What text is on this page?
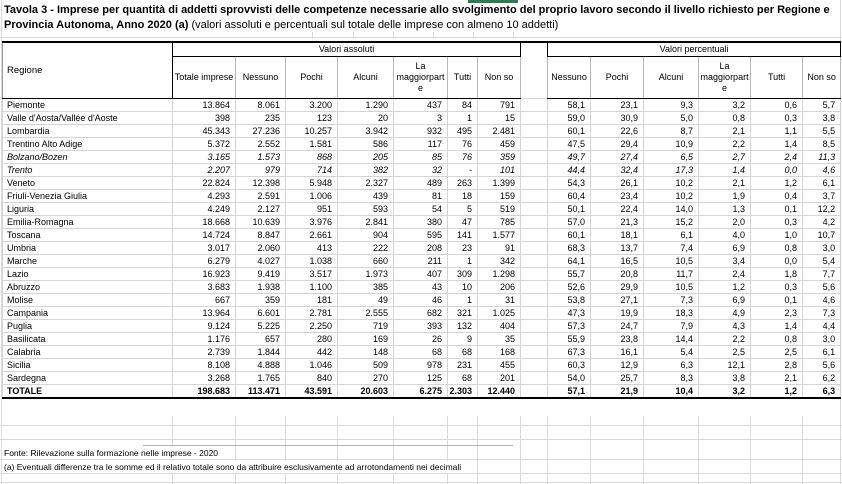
Tavola 3 - Imprese per quantità di addetti sprovvisti delle competenze necessarie allo svolgimento del proprio lavoro secondo il livello richiesto per Regione e
Provincia Autonoma, Anno 2020 (a) (valori assoluti e percentuali sul totale delle imprese con almeno 10 addetti)
Regione	Valori assoluti								Valori percentuali					
	Totale imprese	Nessuno	Pochi	Alcuni	La maggiorparte	Tutti	Non so		Nessuno	Pochi	Alcuni	La maggiorparte	Tutti	Non so
Piemonte	13.864	8.061	3.200	1.290	437	84	791		58,1	23,1	9,3	3,2	0,6	5,7
Valle d'Aosta/Vallée d'Aoste	398	235	123	20	3	1	15		59,0	30,9	5,0	0,8	0,3	3,8
Lombardia	45.343	27.236	10.257	3.942	932	495	2.481		60,1	22,6	8,7	2,1	1,1	5,5
Trentino Alto Adige	5.372	2.552	1.581	586	117	76	459		47,5	29,4	10,9	2,2	1,4	8,5
Bolzano/Bozen	3.165	1.573	868	205	85	76	359		49,7	27,4	6,5	2,7	2,4	11,3
Trento	2.207	979	714	382	32	-	101		44,4	32,4	17,3	1,4	0,0	4,6
Veneto	22.824	12.398	5.948	2.327	489	263	1.399		54,3	26,1	10,2	2,1	1,2	6,1
Friuli-Venezia Giulia	4.293	2.591	1.006	439	81	18	159		60,4	23,4	10,2	1,9	0,4	3,7
Liguria	4.249	2.127	951	593	54	5	519		50,1	22,4	14,0	1,3	0,1	12,2
Emilia-Romagna	18.668	10.639	3.976	2.841	380	47	785		57,0	21,3	15,2	2,0	0,3	4,2
Toscana	14.724	8.847	2.661	904	595	141	1.577		60,1	18,1	6,1	4,0	1,0	10,7
Umbria	3.017	2.060	413	222	208	23	91		68,3	13,7	7,4	6,9	0,8	3,0
Marche	6.279	4.027	1.038	660	211	1	342		64,1	16,5	10,5	3,4	0,0	5,4
Lazio	16.923	9.419	3.517	1.973	407	309	1.298		55,7	20,8	11,7	2,4	1,8	7,7
Abruzzo	3.683	1.938	1.100	385	43	10	206		52,6	29,9	10,5	1,2	0,3	5,6
Molise	667	359	181	49	46	1	31		53,8	27,1	7,3	6,9	0,1	4,6
Campania	13.964	6.601	2.781	2.555	682	321	1.025		47,3	19,9	18,3	4,9	2,3	7,3
Puglia	9.124	5.225	2.250	719	393	132	404		57,3	24,7	7,9	4,3	1,4	4,4
Basilicata	1.176	657	280	169	26	9	35		55,9	23,8	14,4	2,2	0,8	3,0
Calabria	2.739	1.844	442	148	68	68	168		67,3	16,1	5,4	2,5	2,5	6,1
Sicilia	8.108	4.888	1.046	509	978	231	455		60,3	12,9	6,3	12,1	2,8	5,6
Sardegna	3.268	1.765	840	270	125	68	201		54,0	25,7	8,3	3,8	2,1	6,2
TOTALE	198.683	113.471	43.591	20.603	6.275	2.303	12.440		57,1	21,9	10,4	3,2	1,2	6,3
Fonte: Rilevazione sulla formazione nelle imprese - 2020
(a) Eventuali differenze tra le somme ed il relativo totale sono da attribuire esclusivamente ad arrotondamenti nei decimali
